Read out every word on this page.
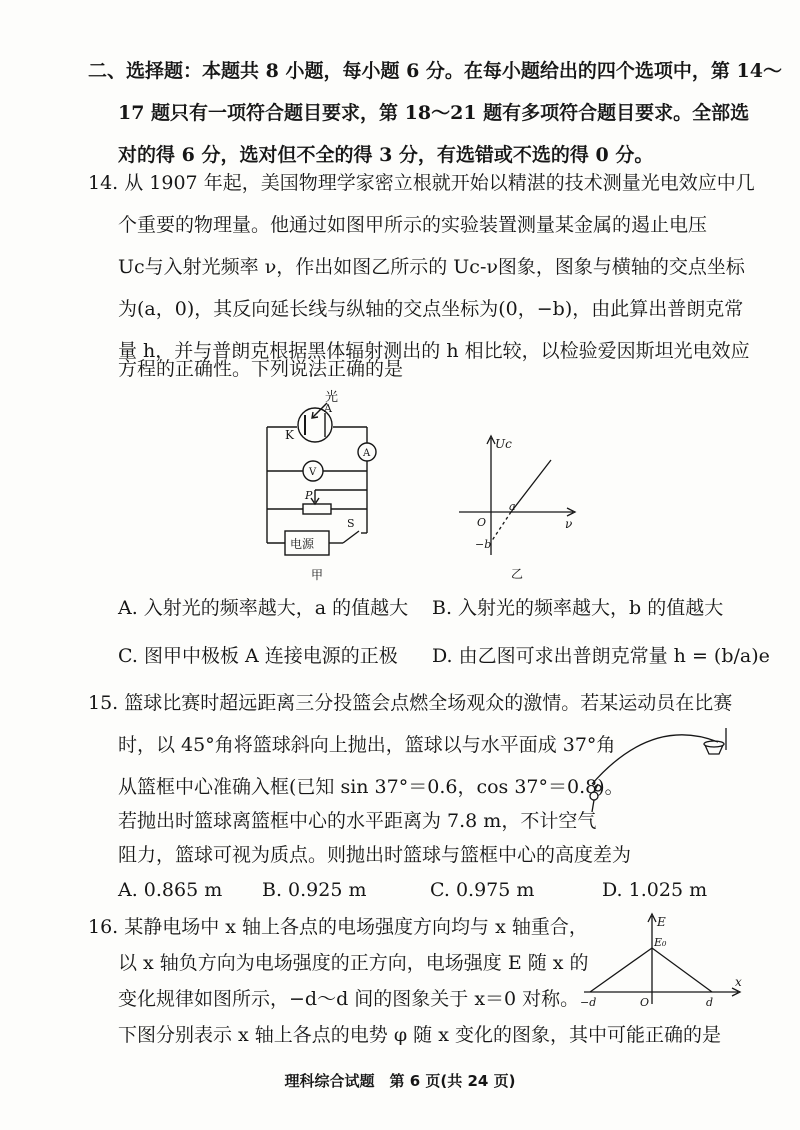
二、选择题：本题共 8 小题，每小题 6 分。在每小题给出的四个选项中，第 14～
17 题只有一项符合题目要求，第 18～21 题有多项符合题目要求。全部选
对的得 6 分，选对但不全的得 3 分，有选错或不选的得 0 分。
14. 从 1907 年起，美国物理学家密立根就开始以精湛的技术测量光电效应中几
个重要的物理量。他通过如图甲所示的实验装置测量某金属的遏止电压
Uc与入射光频率 ν，作出如图乙所示的 Uc-ν图象，图象与横轴的交点坐标
为(a，0)，其反向延长线与纵轴的交点坐标为(0，−b)，由此算出普朗克常
量 h，并与普朗克根据黑体辐射测出的 h 相比较，以检验爱因斯坦光电效应
方程的正确性。下列说法正确的是
光
K
A
A
V
P
S
电源
甲
Uc
ν
O
a
−b
乙
A. 入射光的频率越大，a 的值越大 B. 入射光的频率越大，b 的值越大
C. 图甲中极板 A 连接电源的正极 D. 由乙图可求出普朗克常量 h = (b/a)e
15. 篮球比赛时超远距离三分投篮会点燃全场观众的激情。若某运动员在比赛
时，以 45°角将篮球斜向上抛出，篮球以与水平面成 37°角
从篮框中心准确入框(已知 sin 37°＝0.6，cos 37°＝0.8)。
若抛出时篮球离篮框中心的水平距离为 7.8 m，不计空气
阻力，篮球可视为质点。则抛出时篮球与篮框中心的高度差为
A. 0.865 m B. 0.925 m	C. 0.975 m	D. 1.025 m
16. 某静电场中 x 轴上各点的电场强度方向均与 x 轴重合，
以 x 轴负方向为电场强度的正方向，电场强度 E 随 x 的
变化规律如图所示，−d～d 间的图象关于 x＝0 对称。
下图分别表示 x 轴上各点的电势 φ 随 x 变化的图象，其中可能正确的是
E
E₀
x
O
−d	d
理科综合试题　第 6 页(共 24 页)
